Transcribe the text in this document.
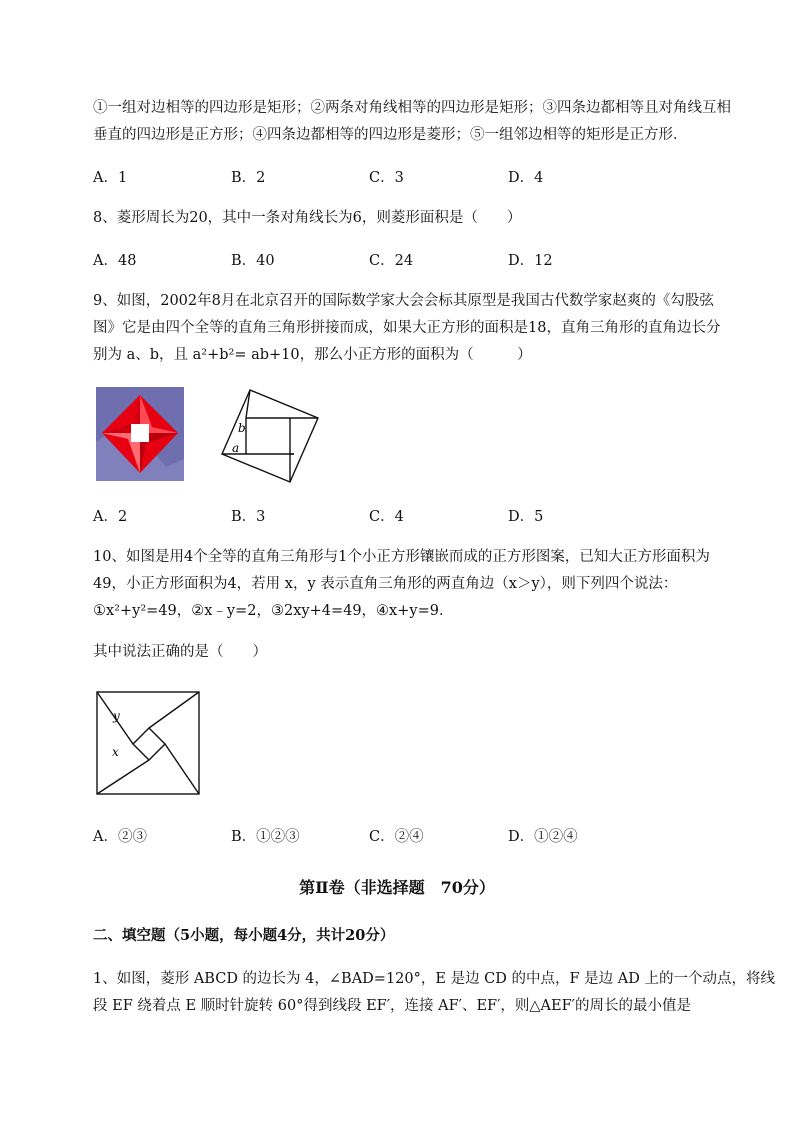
①一组对边相等的四边形是矩形；②两条对角线相等的四边形是矩形；③四条边都相等且对角线互相
垂直的四边形是正方形；④四条边都相等的四边形是菱形；⑤一组邻边相等的矩形是正方形．
A．1	B．2	C．3	D．4
8、菱形周长为20，其中一条对角线长为6，则菱形面积是（　　）
A．48	B．40	C．24	D．12
9、如图，2002年8月在北京召开的国际数学家大会会标其原型是我国古代数学家赵爽的《勾股弦
图》它是由四个全等的直角三角形拼接而成，如果大正方形的面积是18，直角三角形的直角边长分
别为 a、b，且 a²+b²= ab+10，那么小正方形的面积为（　　　）
b
a
A．2	B．3	C．4	D．5
10、如图是用4个全等的直角三角形与1个小正方形镶嵌而成的正方形图案，已知大正方形面积为
49，小正方形面积为4，若用 x，y 表示直角三角形的两直角边（x＞y），则下列四个说法：
①x²+y²=49，②x﹣y=2，③2xy+4=49，④x+y=9．
其中说法正确的是（　　）
y
x
A．②③	B．①②③	C．②④	D．①②④
第Ⅱ卷（非选择题　70分）
二、填空题（5小题，每小题4分，共计20分）
1、如图，菱形 ABCD 的边长为 4，∠BAD=120°，E 是边 CD 的中点，F 是边 AD 上的一个动点，将线
段 EF 绕着点 E 顺时针旋转 60°得到线段 EF′，连接 AF′、EF′，则△AEF′的周长的最小值是
